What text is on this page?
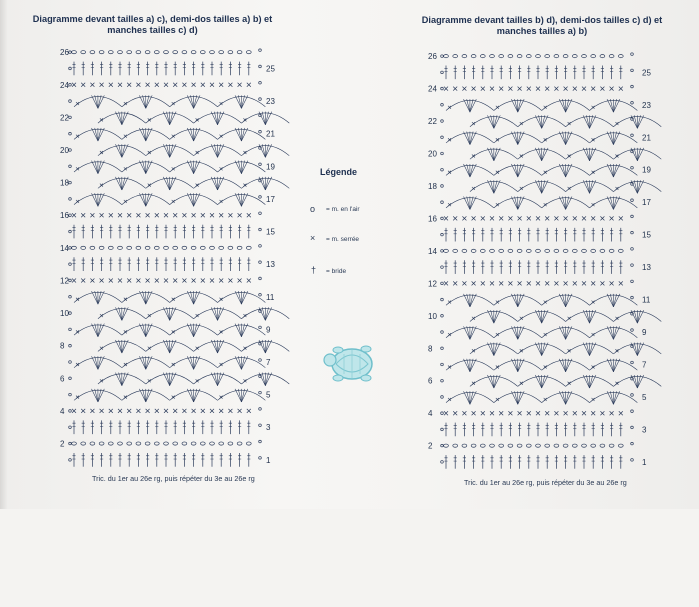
Diagramme devant tailles a) c), demi-dos tailles a) b) et manches tailles c) d)
Diagramme devant tailles b) d), demi-dos tailles c) d) et manches tailles a) b)
1
2
3
4
5
6
7
8
9
10
11
12
13
14
15
16
17
18
19
20
21
22
23
24
25
26
1
2
3
4
5
6
7
8
9
10
11
12
13
14
15
16
17
18
19
20
21
22
23
24
25
26
Légende
o = m. en l'air
× = m. serrée
† = bride
Tric. du 1er au 26e rg, puis répéter du 3e au 26e rg	Tric. du 1er au 26e rg, puis répéter du 3e au 26e rg
